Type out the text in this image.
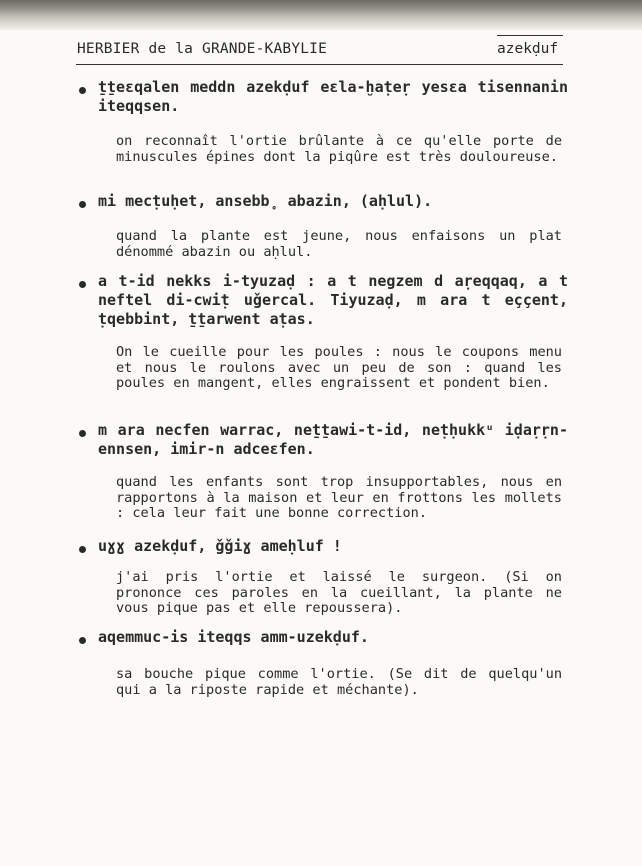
HERBIER de la GRANDE-KABYLIE	azekḍuf
ṯṯeɛqalen meddn azekḍuf eɛla-ḫaṭeṛ yesɛa tisennanin iteqqsen.
on reconnaît l'ortie brûlante à ce qu'elle porte de minuscules épines dont la piqûre est très douloureuse.
mi mecṭuḥet, ansebb̥ abazin, (aḥlul).
quand la plante est jeune, nous enfaisons un plat dénommé abazin ou aḥlul.
a t-id nekks i-tyuzaḍ : a t negzem d aṛeqqaq, a t neftel di-cwiṭ uǧercal. Tiyuzaḍ, m ara t eççent, ṭqebbint, ṯṯarwent aṭas.
On le cueille pour les poules : nous le coupons menu et nous le roulons avec un peu de son : quand les poules en mangent, elles engraissent et pondent bien.
m ara necfen warrac, neṯṯawi-t-id, neṭḥukkᵘ iḍaṛṛn-ennsen, imir-n adceɛfen.
quand les enfants sont trop insupportables, nous en rapportons à la maison et leur en frottons les mollets : cela leur fait une bonne correction.
uɣɣ azekḍuf, ǧǧiɣ ameḥluf !
j'ai pris l'ortie et laissé le surgeon. (Si on prononce ces paroles en la cueillant, la plante ne vous pique pas et elle repoussera).
aqemmuc-is iteqqs amm-uzekḍuf.
sa bouche pique comme l'ortie. (Se dit de quelqu'un qui a la riposte rapide et méchante).
